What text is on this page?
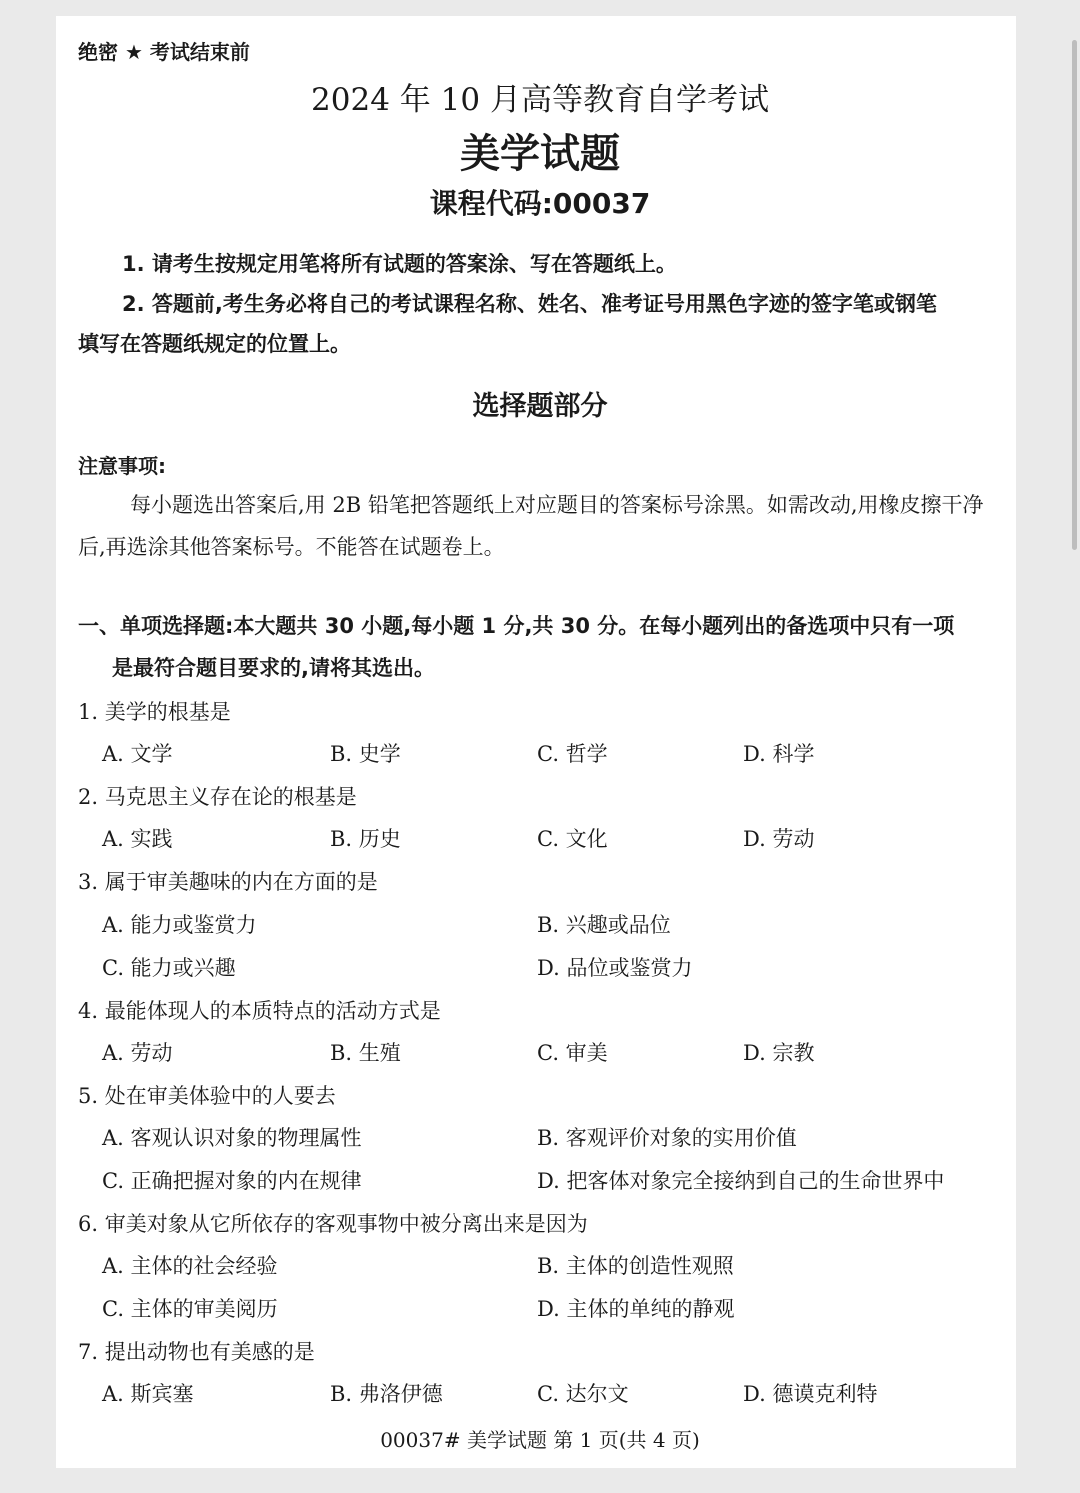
绝密 ★ 考试结束前
2024 年 10 月高等教育自学考试
美学试题
课程代码:00037
1. 请考生按规定用笔将所有试题的答案涂、写在答题纸上。
2. 答题前,考生务必将自己的考试课程名称、姓名、准考证号用黑色字迹的签字笔或钢笔
填写在答题纸规定的位置上。
选择题部分
注意事项:
每小题选出答案后,用 2B 铅笔把答题纸上对应题目的答案标号涂黑。如需改动,用橡皮擦干净后,再选涂其他答案标号。不能答在试题卷上。
一、单项选择题:本大题共 30 小题,每小题 1 分,共 30 分。在每小题列出的备选项中只有一项
是最符合题目要求的,请将其选出。
1. 美学的根基是
A. 文学	B. 史学	C. 哲学	D. 科学
2. 马克思主义存在论的根基是
A. 实践	B. 历史	C. 文化	D. 劳动
3. 属于审美趣味的内在方面的是
A. 能力或鉴赏力	B. 兴趣或品位
C. 能力或兴趣	D. 品位或鉴赏力
4. 最能体现人的本质特点的活动方式是
A. 劳动	B. 生殖	C. 审美	D. 宗教
5. 处在审美体验中的人要去
A. 客观认识对象的物理属性	B. 客观评价对象的实用价值
C. 正确把握对象的内在规律	D. 把客体对象完全接纳到自己的生命世界中
6. 审美对象从它所依存的客观事物中被分离出来是因为
A. 主体的社会经验	B. 主体的创造性观照
C. 主体的审美阅历	D. 主体的单纯的静观
7. 提出动物也有美感的是
A. 斯宾塞	B. 弗洛伊德	C. 达尔文	D. 德谟克利特
00037# 美学试题 第 1 页(共 4 页)
